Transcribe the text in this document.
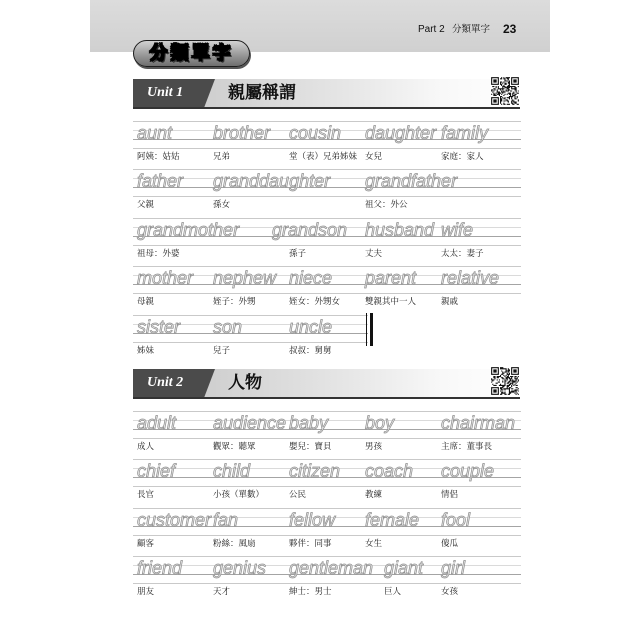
Part 2 分類單字 23
分類單字
Unit 1	親屬稱謂
aunt
阿姨：姑姑
brother
兄弟
cousin
堂（表）兄弟姊妹
daughter
女兒
family
家庭：家人
father
父親
granddaughter
孫女
grandfather
祖父：外公
grandmother
祖母：外婆
grandson
孫子
husband
丈夫
wife
太太：妻子
mother
母親
nephew
姪子：外甥
niece
姪女：外甥女
parent
雙親其中一人
relative
親戚
sister
姊妹
son
兒子
uncle
叔叔：舅舅
Unit 2	人物
adult
成人
audience
觀眾：聽眾
baby
嬰兒：寶貝
boy
男孩
chairman
主席：董事長
chief
長官
child
小孩（單數）
citizen
公民
coach
教練
couple
情侶
customer
顧客
fan
粉絲：風扇
fellow
夥伴：同事
female
女生
fool
傻瓜
friend
朋友
genius
天才
gentleman
紳士：男士
giant
巨人
girl
女孩
